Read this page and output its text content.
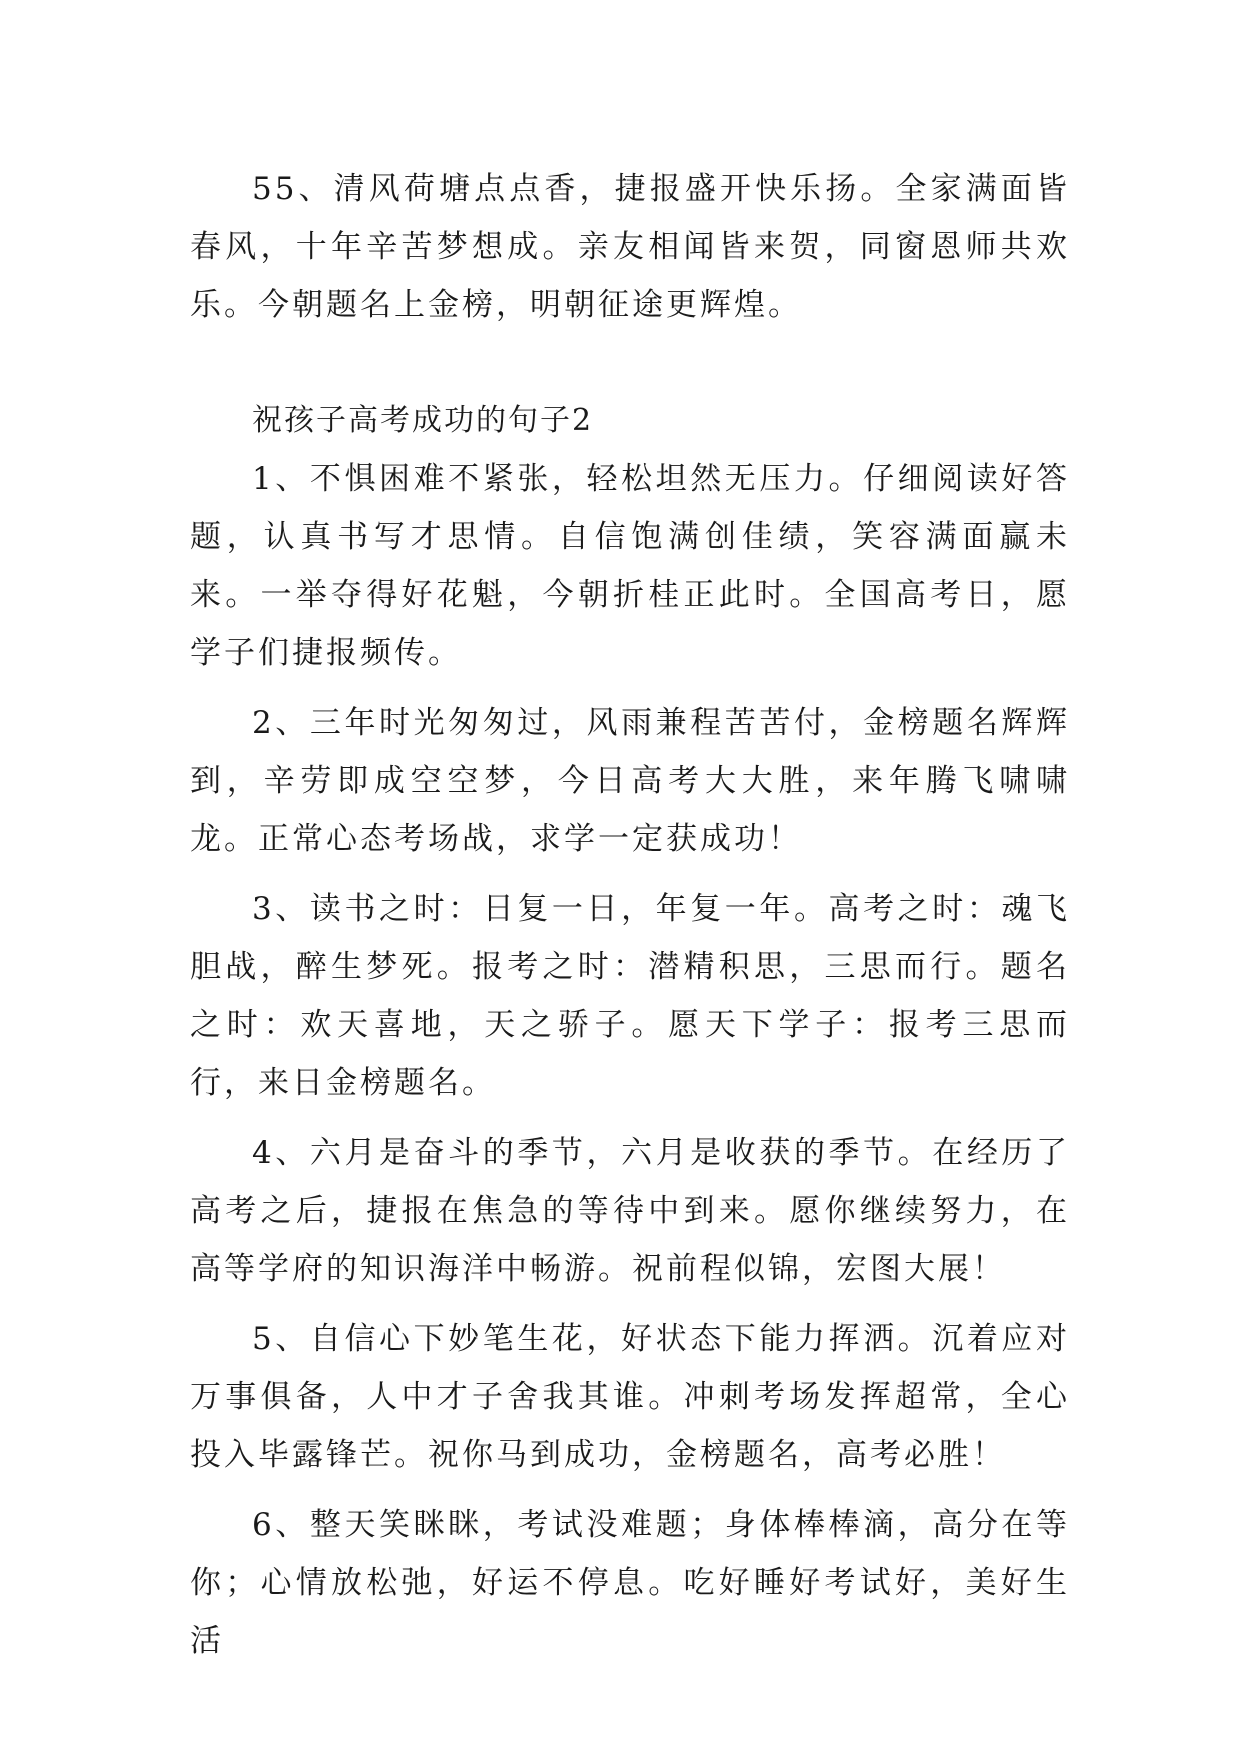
55、清风荷塘点点香，捷报盛开快乐扬。全家满面皆春风，十年辛苦梦想成。亲友相闻皆来贺，同窗恩师共欢乐。今朝题名上金榜，明朝征途更辉煌。

祝孩子高考成功的句子2

1、不惧困难不紧张，轻松坦然无压力。仔细阅读好答题，认真书写才思情。自信饱满创佳绩，笑容满面赢未来。一举夺得好花魁，今朝折桂正此时。全国高考日，愿学子们捷报频传。

2、三年时光匆匆过，风雨兼程苦苦付，金榜题名辉辉到，辛劳即成空空梦，今日高考大大胜，来年腾飞啸啸龙。正常心态考场战，求学一定获成功！

3、读书之时：日复一日，年复一年。高考之时：魂飞胆战，醉生梦死。报考之时：潜精积思，三思而行。题名之时：欢天喜地，天之骄子。愿天下学子：报考三思而行，来日金榜题名。

4、六月是奋斗的季节，六月是收获的季节。在经历了高考之后，捷报在焦急的等待中到来。愿你继续努力，在高等学府的知识海洋中畅游。祝前程似锦，宏图大展！

5、自信心下妙笔生花，好状态下能力挥洒。沉着应对万事俱备，人中才子舍我其谁。冲刺考场发挥超常，全心投入毕露锋芒。祝你马到成功，金榜题名，高考必胜！

6、整天笑眯眯，考试没难题；身体棒棒滴，高分在等你；心情放松弛，好运不停息。吃好睡好考试好，美好生活
